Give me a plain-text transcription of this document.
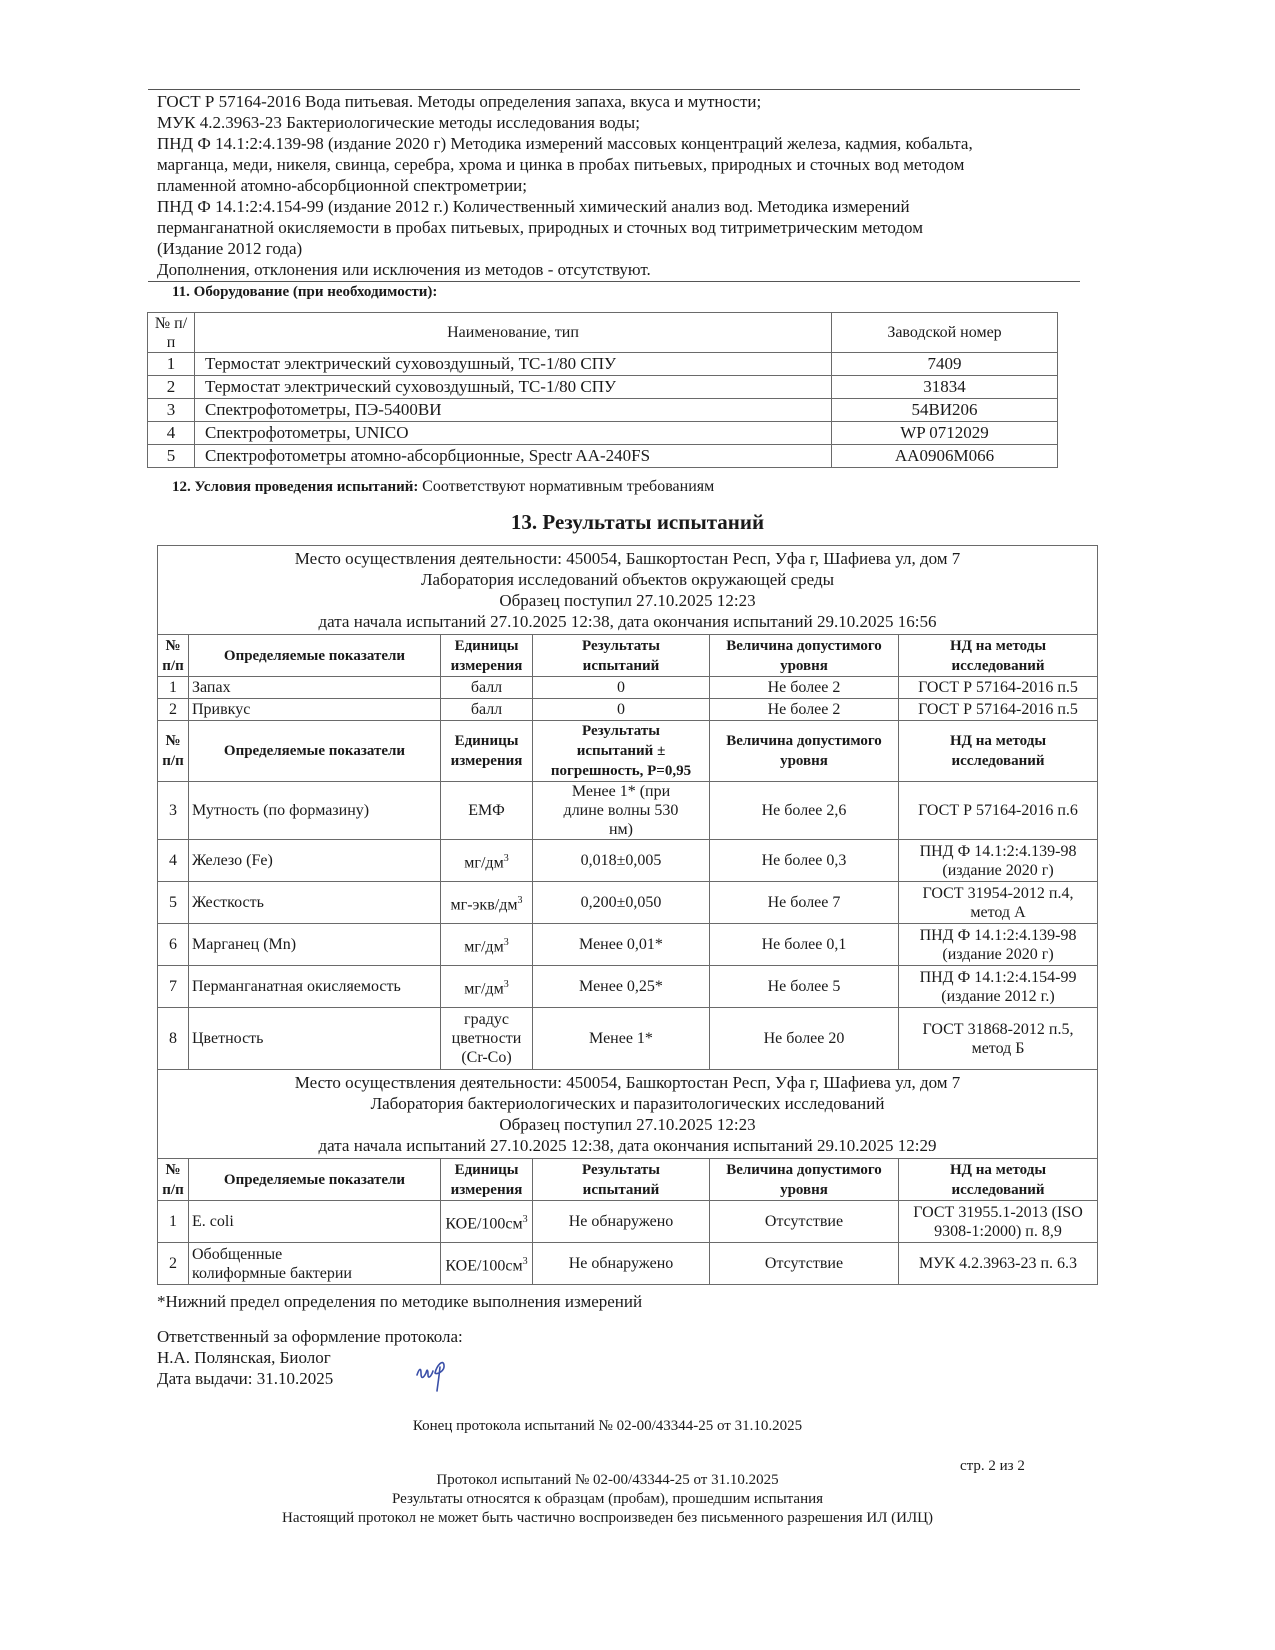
ГОСТ Р 57164-2016 Вода питьевая. Методы определения запаха, вкуса и мутности;
МУК 4.2.3963-23 Бактериологические методы исследования воды;
ПНД Ф 14.1:2:4.139-98 (издание 2020 г) Методика измерений массовых концентраций железа, кадмия, кобальта,
марганца, меди, никеля, свинца, серебра, хрома и цинка в пробах питьевых, природных и сточных вод методом
пламенной атомно-абсорбционной спектрометрии;
ПНД Ф 14.1:2:4.154-99 (издание 2012 г.) Количественный химический анализ вод. Методика измерений
перманганатной окисляемости в пробах питьевых, природных и сточных вод титриметрическим методом
(Издание 2012 года)
Дополнения, отклонения или исключения из методов - отсутствуют.
11. Оборудование (при необходимости):
№ п/п	Наименование, тип	Заводской номер
1	Термостат электрический суховоздушный, ТС-1/80 СПУ	7409
2	Термостат электрический суховоздушный, ТС-1/80 СПУ	31834
3	Спектрофотометры, ПЭ-5400ВИ	54ВИ206
4	Спектрофотометры, UNICO	WP 0712029
5	Спектрофотометры атомно-абсорбционные, Spectr AA-240FS	AA0906M066
12. Условия проведения испытаний: Соответствуют нормативным требованиям
13. Результаты испытаний
Место осуществления деятельности: 450054, Башкортостан Респ, Уфа г, Шафиева ул, дом 7
Лаборатория исследований объектов окружающей среды
Образец поступил 27.10.2025 12:23
дата начала испытаний 27.10.2025 12:38, дата окончания испытаний 29.10.2025 16:56					

№ п/п	Определяемые показатели	Единицы измерения	Результаты испытаний	Величина допустимого уровня	НД на методы исследований
1	Запах	балл	0	Не более 2	ГОСТ Р 57164-2016 п.5
2	Привкус	балл	0	Не более 2	ГОСТ Р 57164-2016 п.5
№ п/п	Определяемые показатели	Единицы измерения	Результаты испытаний ± погрешность, Р=0,95	Величина допустимого уровня	НД на методы исследований
3	Мутность (по формазину)	ЕМФ	Менее 1* (при длине волны 530 нм)	Не более 2,6	ГОСТ Р 57164-2016 п.6
4	Железо (Fe)	$мг/дм^3$	0,018±0,005	Не более 0,3	ПНД Ф 14.1:2:4.139-98 (издание 2020 г)
5	Жесткость	$мг-экв/дм^3$	0,200±0,050	Не более 7	ГОСТ 31954-2012 п.4, метод А
6	Марганец (Mn)	$мг/дм^3$	Менее 0,01*	Не более 0,1	ПНД Ф 14.1:2:4.139-98 (издание 2020 г)
7	Перманганатная окисляемость	$мг/дм^3$	Менее 0,25*	Не более 5	ПНД Ф 14.1:2:4.154-99 (издание 2012 г.)
8	Цветность	градус цветности (Cr-Co)	Менее 1*	Не более 20	ГОСТ 31868-2012 п.5, метод Б

Место осуществления деятельности: 450054, Башкортостан Респ, Уфа г, Шафиева ул, дом 7
Лаборатория бактериологических и паразитологических исследований
Образец поступил 27.10.2025 12:23
дата начала испытаний 27.10.2025 12:38, дата окончания испытаний 29.10.2025 12:29					

№ п/п	Определяемые показатели	Единицы измерения	Результаты испытаний	Величина допустимого уровня	НД на методы исследований
1	E. coli	КОЕ/$100см^3$	Не обнаружено	Отсутствие	ГОСТ 31955.1-2013 (ISO 9308-1:2000) п. 8,9
2	Обобщенные колиформные бактерии	КОЕ/$100см^3$	Не обнаружено	Отсутствие	МУК 4.2.3963-23 п. 6.3
*Нижний предел определения по методике выполнения измерений
Ответственный за оформление протокола:
Н.А. Полянская, Биолог
Дата выдачи: 31.10.2025
Конец протокола испытаний № 02-00/43344-25 от 31.10.2025
стр. 2 из 2
Протокол испытаний № 02-00/43344-25 от 31.10.2025
Результаты относятся к образцам (пробам), прошедшим испытания
Настоящий протокол не может быть частично воспроизведен без письменного разрешения ИЛ (ИЛЦ)
